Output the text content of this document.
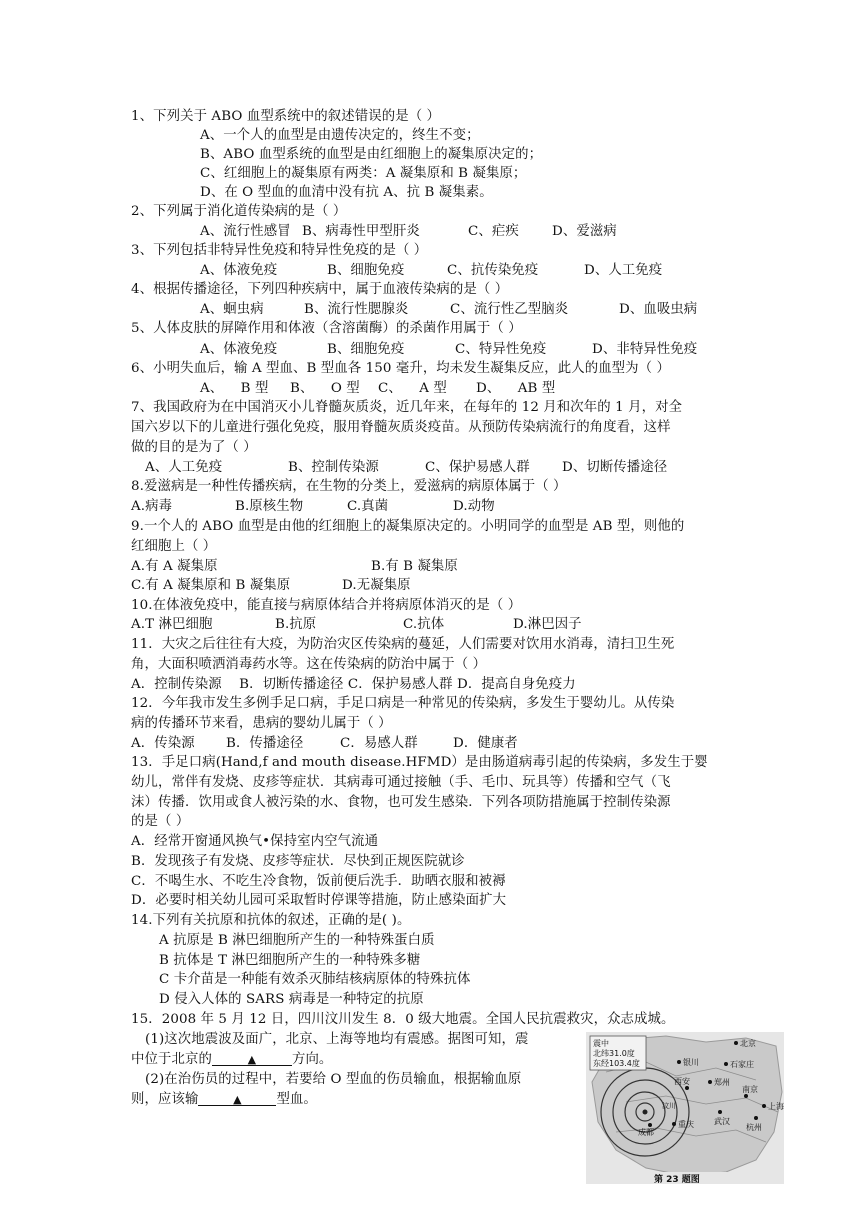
1、下列关于 ABO 血型系统中的叙述错误的是（ ）
A、一个人的血型是由遗传决定的，终生不变；
B、ABO 血型系统的血型是由红细胞上的凝集原决定的；
C、红细胞上的凝集原有两类：A 凝集原和 B 凝集原；
D、在 O 型血的血清中没有抗 A、抗 B 凝集素。
2、下列属于消化道传染病的是（ ）
A、流行性感冒 B、病毒性甲型肝炎	C、疟疾	D、爱滋病
3、下列包括非特异性免疫和特异性免疫的是（ ）
A、体液免疫	B、细胞免疫	C、抗传染免疫	D、人工免疫
4、根据传播途径，下列四种疾病中，属于血液传染病的是（ ）
A、蛔虫病	B、流行性腮腺炎	C、流行性乙型脑炎	D、血吸虫病
5、人体皮肤的屏障作用和体液（含溶菌酶）的杀菌作用属于（ ）
A、体液免疫	B、细胞免疫	C、特异性免疫	D、非特异性免疫
6、小明失血后，输 A 型血、B 型血各 150 毫升，均未发生凝集反应，此人的血型为（ ）
A、    B 型	B、    O 型	C、    A 型	D、    AB 型
7、我国政府为在中国消灭小儿脊髓灰质炎，近几年来，在每年的 12 月和次年的 1 月，对全
国六岁以下的儿童进行强化免疫，服用脊髓灰质炎疫苗。从预防传染病流行的角度看，这样
做的目的是为了（ ）
A、人工免疫	B、控制传染源	C、保护易感人群	D、切断传播途径
8.爱滋病是一种性传播疾病，在生物的分类上，爱滋病的病原体属于（ ）
A.病毒	B.原核生物	C.真菌	D.动物
9.一个人的 ABO 血型是由他的红细胞上的凝集原决定的。小明同学的血型是 AB 型，则他的
红细胞上（ ）
A.有 A 凝集原	B.有 B 凝集原
C.有 A 凝集原和 B 凝集原	D.无凝集原
10.在体液免疫中，能直接与病原体结合并将病原体消灭的是（ ）
A.T 淋巴细胞	B.抗原	C.抗体	D.淋巴因子
11．大灾之后往往有大疫，为防治灾区传染病的蔓延，人们需要对饮用水消毒，清扫卫生死
角，大面积喷洒消毒药水等。这在传染病的防治中属于（ ）
A．控制传染源    B．切断传播途径 C．保护易感人群 D．提高自身免疫力
12．今年我市发生多例手足口病，手足口病是一种常见的传染病，多发生于婴幼儿。从传染
病的传播环节来看，患病的婴幼儿属于（ ）
A．传染源	B．传播途径	C．易感人群	D．健康者
13．手足口病(Hand,f and mouth disease.HFMD）是由肠道病毒引起的传染病，多发生于婴
幼儿，常伴有发烧、皮疹等症状．其病毒可通过接触（手、毛巾、玩具等）传播和空气（飞
沫）传播．饮用或食人被污染的水、食物，也可发生感染．下列各项防措施属于控制传染源
的是（ ）
A．经常开窗通风换气•保持室内空气流通
B．发现孩子有发烧、皮疹等症状．尽快到正规医院就诊
C．不喝生水、不吃生冷食物，饭前便后洗手．助晒衣服和被褥
D．必要时相关幼儿园可采取暂时停课等措施，防止感染面扩大
14.下列有关抗原和抗体的叙述，正确的是( )。
A 抗原是 B 淋巴细胞所产生的一种特殊蛋白质
B 抗体是 T 淋巴细胞所产生的一种特殊多糖
C 卡介苗是一种能有效杀灭肺结核病原体的特殊抗体
D 侵入人体的 SARS 病毒是一种特定的抗原
15．2008 年 5 月 12 日，四川汶川发生 8．0 级大地震。全国人民抗震救灾，众志成城。
(1)这次地震波及面广，北京、上海等地均有震感。据图可知，震
中位于北京的	▲	方向。
(2)在治伤员的过程中，若要给 O 型血的伤员输血，根据输血原
则，应该输	▲	型血。
震中
北纬31.0度
东经103.4度
北京
银川	石家庄
西安	郑州
南京
上海
成都
重庆	武汉
杭州
汶川
第 23 题图
